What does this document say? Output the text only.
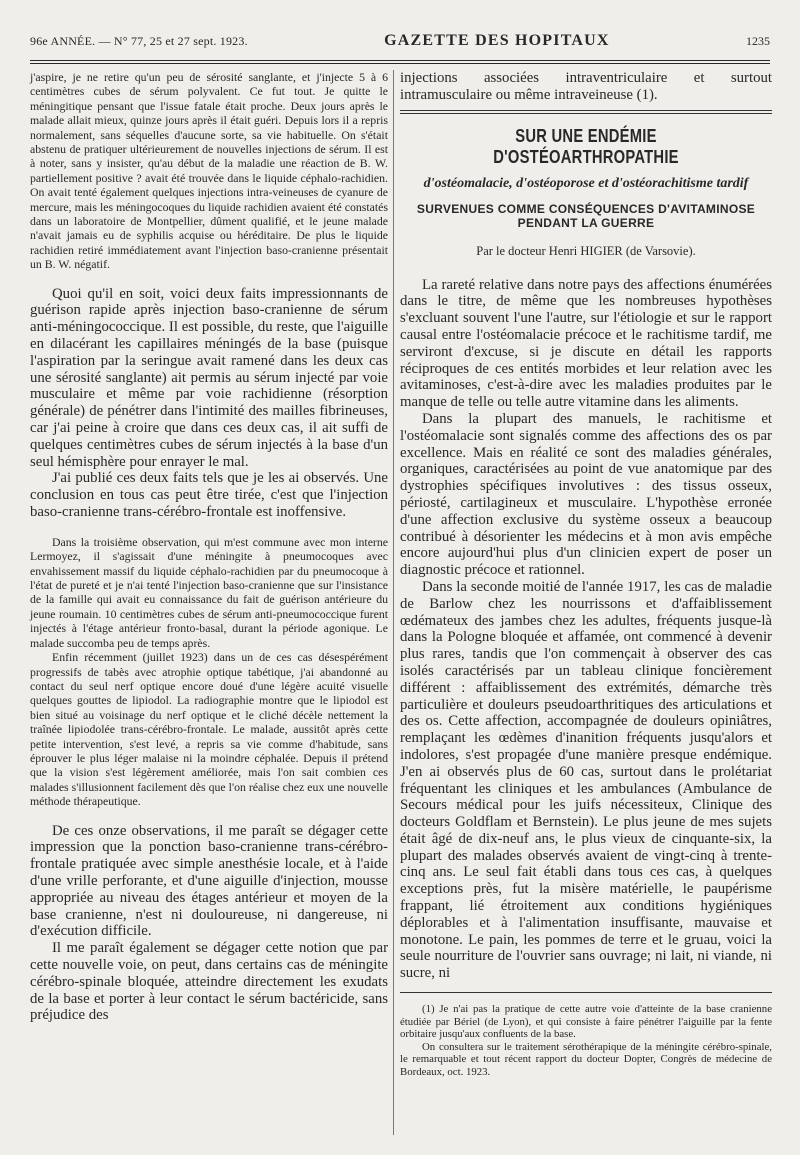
96e ANNÉE. — N° 77, 25 et 27 sept. 1923.	GAZETTE DES HOPITAUX	1235

j'aspire, je ne retire qu'un peu de sérosité sanglante, et j'injecte 5 à 6 centimètres cubes de sérum polyvalent. Ce fut tout. Je quitte le méningitique pensant que l'issue fatale était proche. Deux jours après le malade allait mieux, quinze jours après il était guéri. Depuis lors il a repris normalement, sans séquelles d'aucune sorte, sa vie habituelle. On s'était abstenu de pratiquer ultérieurement de nouvelles injections de sérum. Il est à noter, sans y insister, qu'au début de la maladie une réaction de B. W. partiellement positive ? avait été trouvée dans le liquide céphalo-rachidien. On avait tenté également quelques injections intra-veineuses de cyanure de mercure, mais les méningocoques du liquide rachidien avaient été constatés dans un laboratoire de Montpellier, dûment qualifié, et le jeune malade n'avait jamais eu de syphilis acquise ou héréditaire. De plus le liquide rachidien retiré immédiatement avant l'injection baso-cranienne présentait un B. W. négatif.

Quoi qu'il en soit, voici deux faits impressionnants de guérison rapide après injection baso-cranienne de sérum anti-méningococcique. Il est possible, du reste, que l'aiguille en dilacérant les capillaires méningés de la base (puisque l'aspiration par la seringue avait ramené dans les deux cas une sérosité sanglante) ait permis au sérum injecté par voie musculaire et même par voie rachidienne (résorption générale) de pénétrer dans l'intimité des mailles fibrineuses, car j'ai peine à croire que dans ces deux cas, il ait suffi de quelques centimètres cubes de sérum injectés à la base d'un seul hémisphère pour enrayer le mal.

J'ai publié ces deux faits tels que je les ai observés. Une conclusion en tous cas peut être tirée, c'est que l'injection baso-cranienne trans-cérébro-frontale est inoffensive.

Dans la troisième observation, qui m'est commune avec mon interne Lermoyez, il s'agissait d'une méningite à pneumocoques avec envahissement massif du liquide céphalo-rachidien par du pneumocoque à l'état de pureté et je n'ai tenté l'injection baso-cranienne que sur l'insistance de la famille qui avait eu connaissance du fait de guérison antérieure du jeune roumain. 10 centimètres cubes de sérum anti-pneumococcique furent injectés à l'étage antérieur fronto-basal, durant la période agonique. Le malade succomba peu de temps après.

Enfin récemment (juillet 1923) dans un de ces cas désespérément progressifs de tabès avec atrophie optique tabétique, j'ai abandonné au contact du seul nerf optique encore doué d'une légère acuité visuelle quelques gouttes de lipiodol. La radiographie montre que le lipiodol est bien situé au voisinage du nerf optique et le cliché décèle nettement la traînée lipiodolée trans-cérébro-frontale. Le malade, aussitôt après cette petite intervention, s'est levé, a repris sa vie comme d'habitude, sans éprouver le plus léger malaise ni la moindre céphalée. Depuis il prétend que la vision s'est légèrement améliorée, mais l'on sait combien ces malades s'illusionnent facilement dès que l'on réalise chez eux une nouvelle méthode thérapeutique.

De ces onze observations, il me paraît se dégager cette impression que la ponction baso-cranienne trans-cérébro-frontale pratiquée avec simple anesthésie locale, et à l'aide d'une vrille perforante, et d'une aiguille d'injection, mousse appropriée au niveau des étages antérieur et moyen de la base cranienne, n'est ni douloureuse, ni dangereuse, ni d'exécution difficile.

Il me paraît également se dégager cette notion que par cette nouvelle voie, on peut, dans certains cas de méningite cérébro-spinale bloquée, atteindre directement les exudats de la base et porter à leur contact le sérum bactéricide, sans préjudice des

injections associées intraventriculaire et surtout intramusculaire ou même intraveineuse (1).

SUR UNE ENDÉMIE D'OSTÉOARTHROPATHIE
d'ostéomalacie, d'ostéoporose et d'ostéorachitisme tardif
SURVENUES COMME CONSÉQUENCES D'AVITAMINOSE PENDANT LA GUERRE
Par le docteur Henri HIGIER (de Varsovie).

La rareté relative dans notre pays des affections énumérées dans le titre, de même que les nombreuses hypothèses s'excluant souvent l'une l'autre, sur l'étiologie et sur le rapport causal entre l'ostéomalacie précoce et le rachitisme tardif, me serviront d'excuse, si je discute en détail les rapports réciproques de ces entités morbides et leur relation avec les avitaminoses, c'est-à-dire avec les maladies produites par le manque de telle ou telle autre vitamine dans les aliments.

Dans la plupart des manuels, le rachitisme et l'ostéomalacie sont signalés comme des affections des os par excellence. Mais en réalité ce sont des maladies générales, organiques, caractérisées au point de vue anatomique par des dystrophies spécifiques involutives : des tissus osseux, périosté, cartilagineux et musculaire. L'hypothèse erronée d'une affection exclusive du système osseux a beaucoup contribué à désorienter les médecins et à mon avis empêche encore aujourd'hui plus d'un clinicien expert de poser un diagnostic précoce et rationnel.

Dans la seconde moitié de l'année 1917, les cas de maladie de Barlow chez les nourrissons et d'affaiblissement œdémateux des jambes chez les adultes, fréquents jusque-là dans la Pologne bloquée et affamée, ont commencé à devenir plus rares, tandis que l'on commençait à observer des cas isolés caractérisés par un tableau clinique foncièrement différent : affaiblissement des extrémités, démarche très particulière et douleurs pseudoarthritiques des articulations et des os. Cette affection, accompagnée de douleurs opiniâtres, remplaçant les œdèmes d'inanition fréquents jusqu'alors et indolores, s'est propagée d'une manière presque endémique. J'en ai observés plus de 60 cas, surtout dans le prolétariat fréquentant les cliniques et les ambulances (Ambulance de Secours médical pour les juifs nécessiteux, Clinique des docteurs Goldflam et Bernstein). Le plus jeune de mes sujets était âgé de dix-neuf ans, le plus vieux de cinquante-six, la plupart des malades observés avaient de vingt-cinq à trente-cinq ans. Le seul fait établi dans tous ces cas, à quelques exceptions près, fut la misère matérielle, le paupérisme frappant, lié étroitement aux conditions hygiéniques déplorables et à l'alimentation insuffisante, mauvaise et monotone. Le pain, les pommes de terre et le gruau, voici la seule nourriture de l'ouvrier sans ouvrage; ni lait, ni viande, ni sucre, ni

(1) Je n'ai pas la pratique de cette autre voie d'atteinte de la base cranienne étudiée par Bériel (de Lyon), et qui consiste à faire pénétrer l'aiguille par la fente orbitaire jusqu'aux confluents de la base.

On consultera sur le traitement sérothérapique de la méningite cérébro-spinale, le remarquable et tout récent rapport du docteur Dopter, Congrès de médecine de Bordeaux, oct. 1923.
